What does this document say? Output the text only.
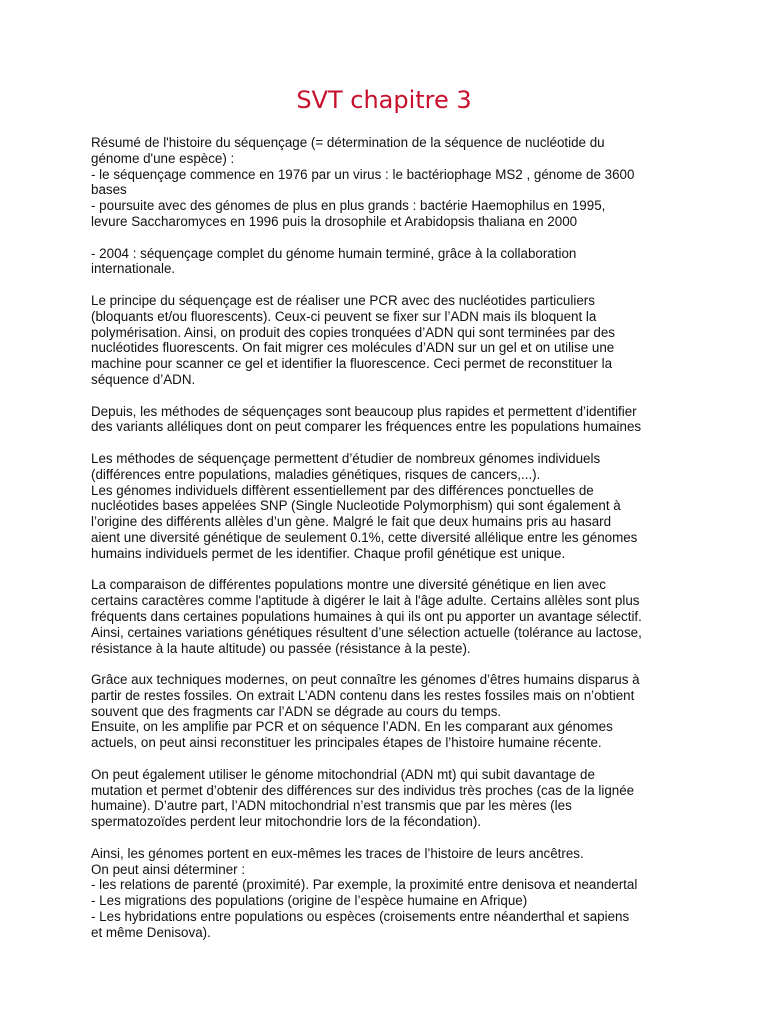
SVT chapitre 3
Résumé de l'histoire du séquençage (= détermination de la séquence de nucléotide du
génome d'une espèce) :
- le séquençage commence en 1976 par un virus : le bactériophage MS2 , génome de 3600
bases
- poursuite avec des génomes de plus en plus grands : bactérie Haemophilus en 1995,
levure Saccharomyces en 1996 puis la drosophile et Arabidopsis thaliana en 2000
- 2004 : séquençage complet du génome humain terminé, grâce à la collaboration
internationale.
Le principe du séquençage est de réaliser une PCR avec des nucléotides particuliers
(bloquants et/ou fluorescents). Ceux-ci peuvent se fixer sur l’ADN mais ils bloquent la
polymérisation. Ainsi, on produit des copies tronquées d’ADN qui sont terminées par des
nucléotides fluorescents. On fait migrer ces molécules d’ADN sur un gel et on utilise une
machine pour scanner ce gel et identifier la fluorescence. Ceci permet de reconstituer la
séquence d’ADN.
Depuis, les méthodes de séquençages sont beaucoup plus rapides et permettent d’identifier
des variants alléliques dont on peut comparer les fréquences entre les populations humaines
Les méthodes de séquençage permettent d’étudier de nombreux génomes individuels
(différences entre populations, maladies génétiques, risques de cancers,...).
Les génomes individuels diffèrent essentiellement par des différences ponctuelles de
nucléotides bases appelées SNP (Single Nucleotide Polymorphism) qui sont également à
l’origine des différents allèles d’un gène. Malgré le fait que deux humains pris au hasard
aient une diversité génétique de seulement 0.1%, cette diversité allélique entre les génomes
humains individuels permet de les identifier. Chaque profil génétique est unique.
La comparaison de différentes populations montre une diversité génétique en lien avec
certains caractères comme l'aptitude à digérer le lait à l'âge adulte. Certains allèles sont plus
fréquents dans certaines populations humaines à qui ils ont pu apporter un avantage sélectif.
Ainsi, certaines variations génétiques résultent d’une sélection actuelle (tolérance au lactose,
résistance à la haute altitude) ou passée (résistance à la peste).
Grâce aux techniques modernes, on peut connaître les génomes d’êtres humains disparus à
partir de restes fossiles. On extrait L’ADN contenu dans les restes fossiles mais on n’obtient
souvent que des fragments car l’ADN se dégrade au cours du temps.
Ensuite, on les amplifie par PCR et on séquence l’ADN. En les comparant aux génomes
actuels, on peut ainsi reconstituer les principales étapes de l’histoire humaine récente.
On peut également utiliser le génome mitochondrial (ADN mt) qui subit davantage de
mutation et permet d’obtenir des différences sur des individus très proches (cas de la lignée
humaine). D’autre part, l’ADN mitochondrial n’est transmis que par les mères (les
spermatozoïdes perdent leur mitochondrie lors de la fécondation).
Ainsi, les génomes portent en eux-mêmes les traces de l’histoire de leurs ancêtres.
On peut ainsi déterminer :
- les relations de parenté (proximité). Par exemple, la proximité entre denisova et neandertal
- Les migrations des populations (origine de l’espèce humaine en Afrique)
- Les hybridations entre populations ou espèces (croisements entre néanderthal et sapiens
et même Denisova).
